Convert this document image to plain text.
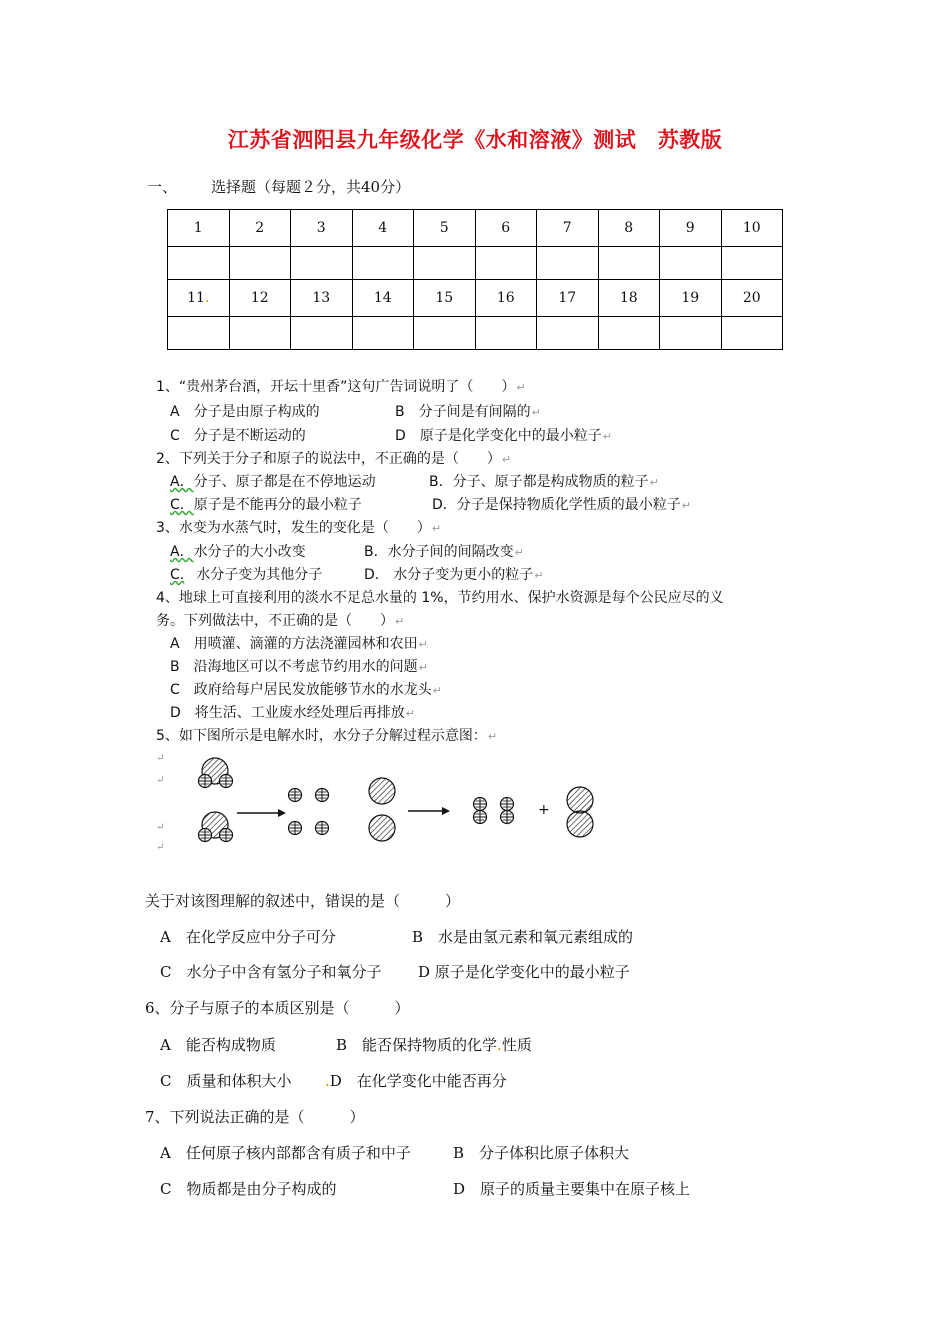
江苏省泗阳县九年级化学《水和溶液》测试　苏教版
一、 选择题（每题２分，共40分）
1	2	3	4	5	6	7	8	9	10

11.	12	13	14	15	16	17	18	19	20

1、“贵州茅台酒，开坛十里香”这句广告词说明了（　　）↵
A　分子是由原子构成的	B　分子间是有间隔的↵
C　分子是不断运动的	D　原子是化学变化中的最小粒子↵
2、下列关于分子和原子的说法中，不正确的是（　　）↵
A．分子、原子都是在不停地运动	B．分子、原子都是构成物质的粒子↵
C．原子是不能再分的最小粒子	D．分子是保持物质化学性质的最小粒子↵
3、水变为水蒸气时，发生的变化是（　　）↵
A．水分子的大小改变	B．水分子间的间隔改变↵
C. 水分子变为其他分子	D.　水分子变为更小的粒子↵
4、地球上可直接利用的淡水不足总水量的 1%，节约用水、保护水资源是每个公民应尽的义
务。下列做法中，不正确的是（　　）↵
A　用喷灌、滴灌的方法浇灌园林和农田↵
B　沿海地区可以不考虑节约用水的问题↵
C　政府给每户居民发放能够节水的水龙头↵
D　将生活、工业废水经处理后再排放↵
5、如下图所示是电解水时，水分子分解过程示意图：↵
↵
↵
↵
↵
+
关于对该图理解的叙述中，错误的是（　　　）
A　在化学反应中分子可分	B　水是由氢元素和氧元素组成的
C　水分子中含有氢分子和氧分子 D 原子是化学变化中的最小粒子
6、分子与原子的本质区别是（　　　）
A　能否构成物质	B　能否保持物质的化学.性质
C　质量和体积大小 .D　在化学变化中能否再分
7、下列说法正确的是（　　　）
A　任何原子核内部都含有质子和中子	B　分子体积比原子体积大
C　物质都是由分子构成的	D　原子的质量主要集中在原子核上
